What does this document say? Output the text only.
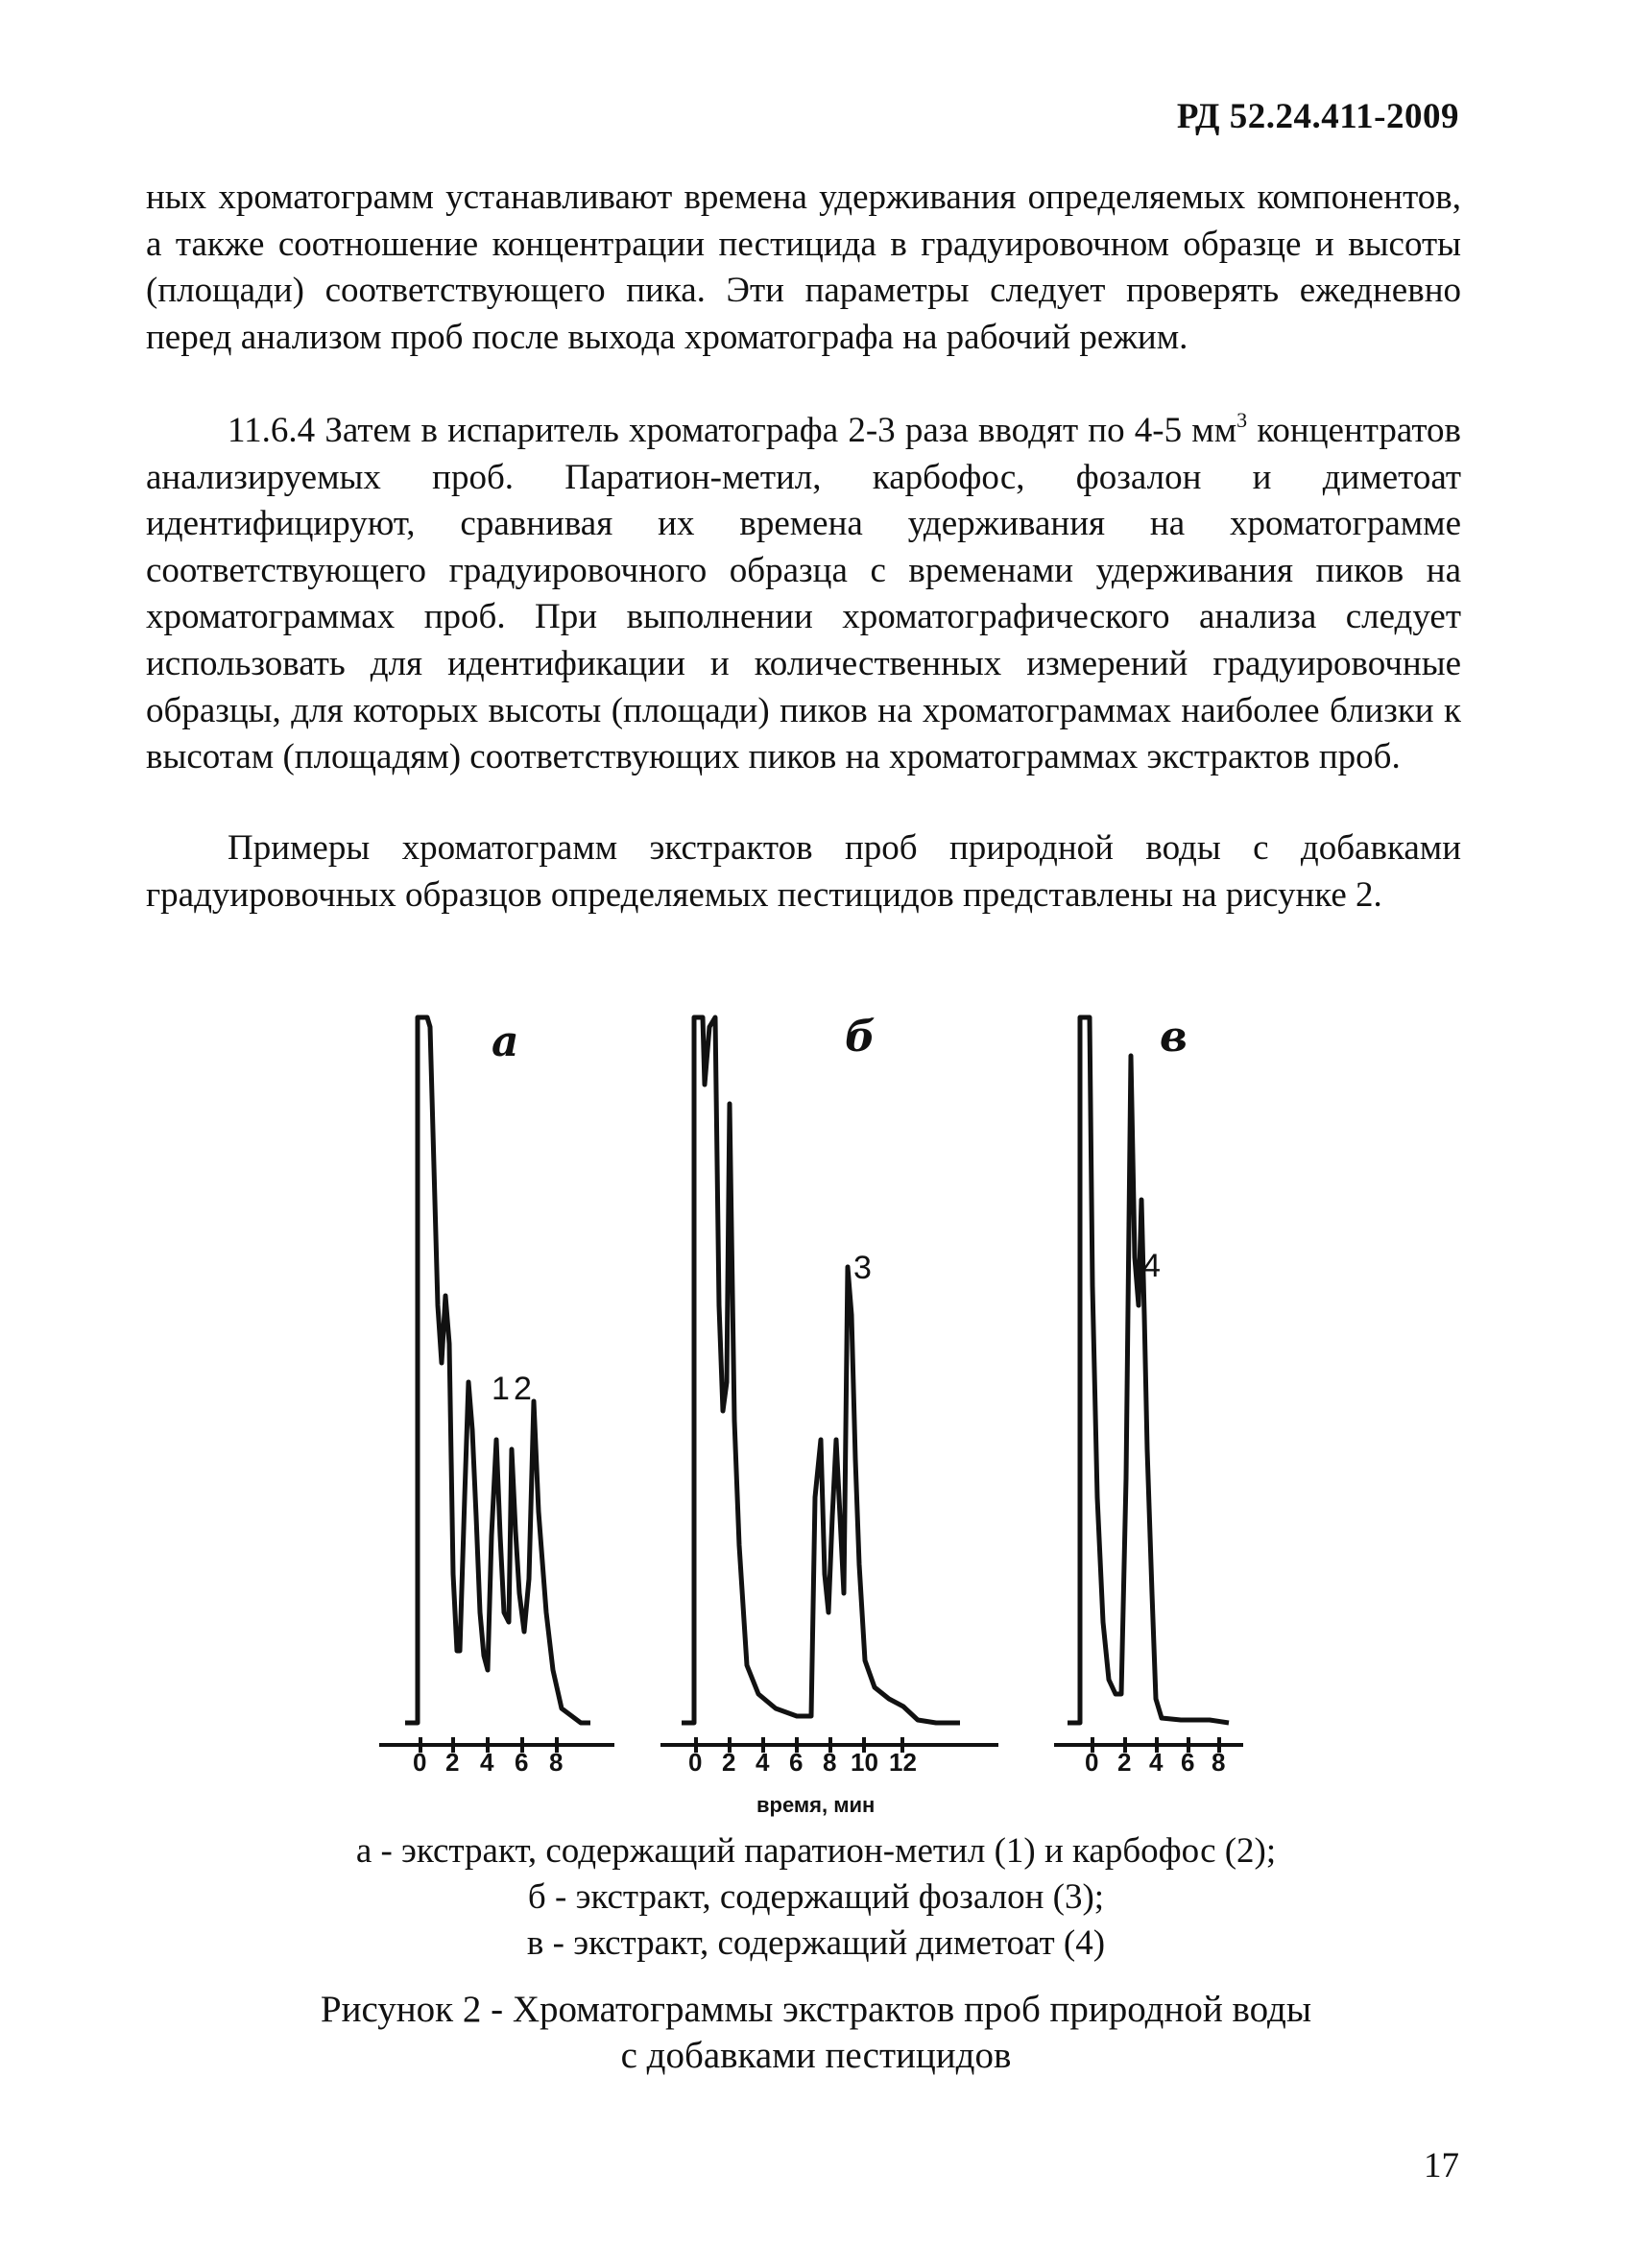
РД 52.24.411-2009

ных хроматограмм устанавливают времена удерживания определяемых компонентов, а также соотношение концентрации пестицида в градуировочном образце и высоты (площади) соответствующего пика. Эти параметры следует проверять ежедневно перед анализом проб после выхода хроматографа на рабочий режим.

11.6.4 Затем в испаритель хроматографа 2-3 раза вводят по 4-5 $мм^3$ концентратов анализируемых проб. Паратион-метил, карбофос, фозалон и диметоат идентифицируют, сравнивая их времена удерживания на хроматограмме соответствующего градуировочного образца с временами удерживания пиков на хроматограммах проб. При выполнении хроматографического анализа следует использовать для идентификации и количественных измерений градуировочные образцы, для которых высоты (площади) пиков на хроматограммах наиболее близки к высотам (площадям) соответствующих пиков на хроматограммах экстрактов проб.

Примеры хроматограмм экстрактов проб природной воды с добавками градуировочных образцов определяемых пестицидов представлены на рисунке 2.

а
0 2 4 6 8
1 2
б
0 2 4 6 8 10 12
3
в
0 2 4 6 8
4
время, мин
а - экстракт, содержащий паратион-метил (1) и карбофос (2);
б - экстракт, содержащий фозалон (3);
в - экстракт, содержащий диметоат (4)
Рисунок 2 - Хроматограммы экстрактов проб природной воды
с добавками пестицидов
17
